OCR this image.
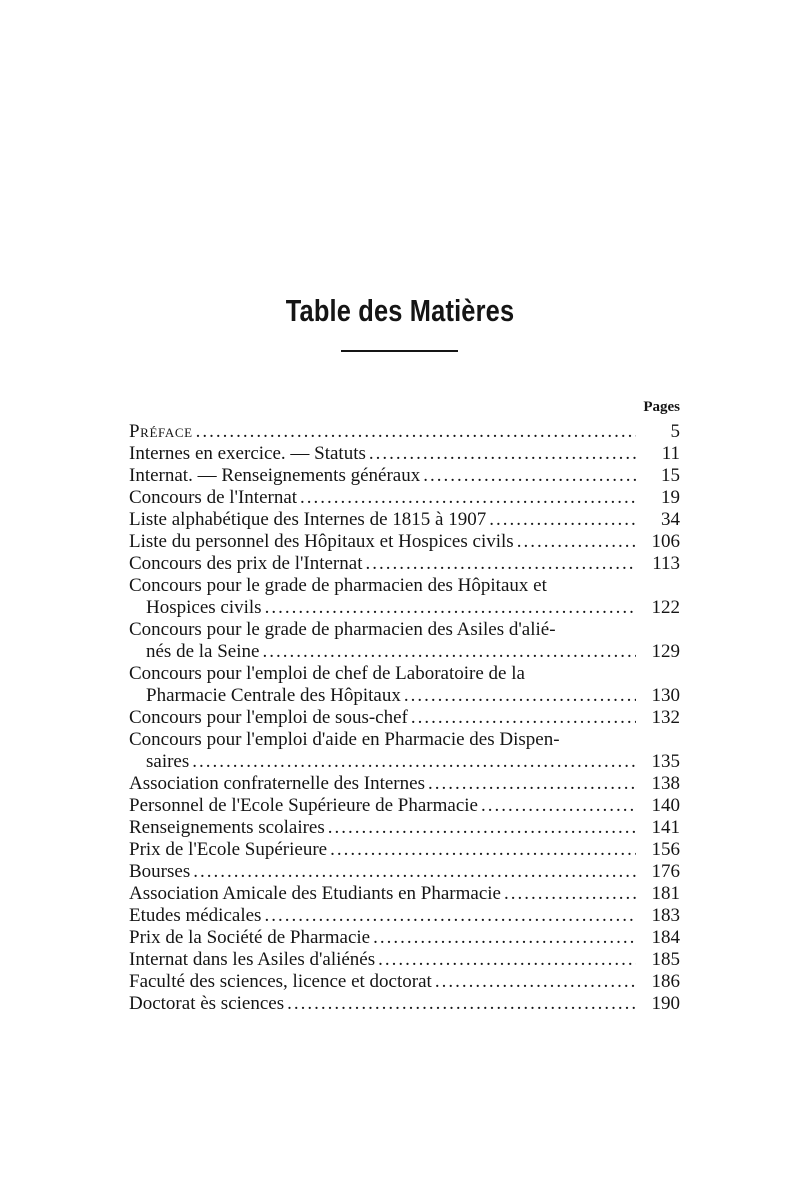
Table des Matières
Pages
Préface .....	5
Internes en exercice. — Statuts .....	11
Internat. — Renseignements généraux .....	15
Concours de l'Internat .....	19
Liste alphabétique des Internes de 1815 à 1907 .....	34
Liste du personnel des Hôpitaux et Hospices civils .....	106
Concours des prix de l'Internat .....	113
Concours pour le grade de pharmacien des Hôpitaux et
Hospices civils .....	122
Concours pour le grade de pharmacien des Asiles d'alié-
nés de la Seine .....	129
Concours pour l'emploi de chef de Laboratoire de la
Pharmacie Centrale des Hôpitaux .....	130
Concours pour l'emploi de sous-chef .....	132
Concours pour l'emploi d'aide en Pharmacie des Dispen-
saires .....	135
Association confraternelle des Internes .....	138
Personnel de l'Ecole Supérieure de Pharmacie .....	140
Renseignements scolaires .....	141
Prix de l'Ecole Supérieure .....	156
Bourses .....	176
Association Amicale des Etudiants en Pharmacie .....	181
Etudes médicales .....	183
Prix de la Société de Pharmacie .....	184
Internat dans les Asiles d'aliénés .....	185
Faculté des sciences, licence et doctorat .....	186
Doctorat ès sciences .....	190
